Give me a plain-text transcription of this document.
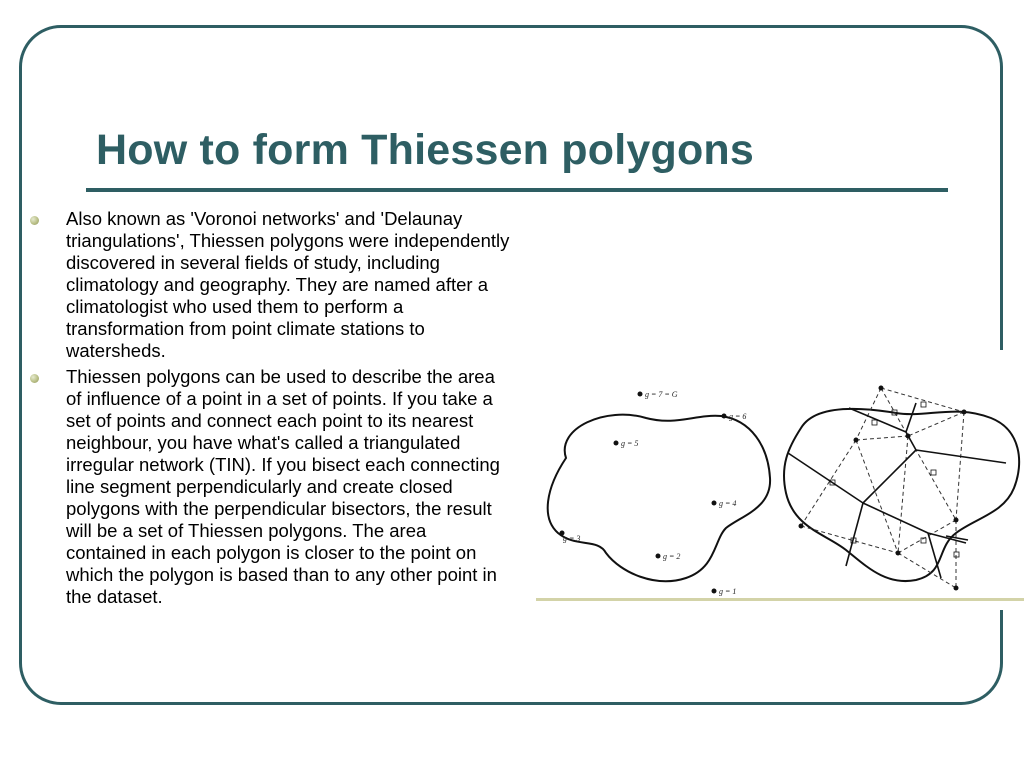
How to form Thiessen polygons
Also known as 'Voronoi networks' and 'Delaunay triangulations', Thiessen polygons were independently discovered in several fields of study, including climatology and geography. They are named after a climatologist who used them to perform a transformation from point climate stations to watersheds.
Thiessen polygons can be used to describe the area of influence of a point in a set of points. If you take a set of points and connect each point to its nearest neighbour, you have what's called a triangulated irregular network (TIN). If you bisect each connecting line segment perpendicularly and create closed polygons with the perpendicular bisectors, the result will be a set of Thiessen polygons. The area contained in each polygon is closer to the point on which the polygon is based than to any other point in the dataset.
g = 7 = G
g = 6
g = 5
g = 4
g = 3
g = 2
g = 1
